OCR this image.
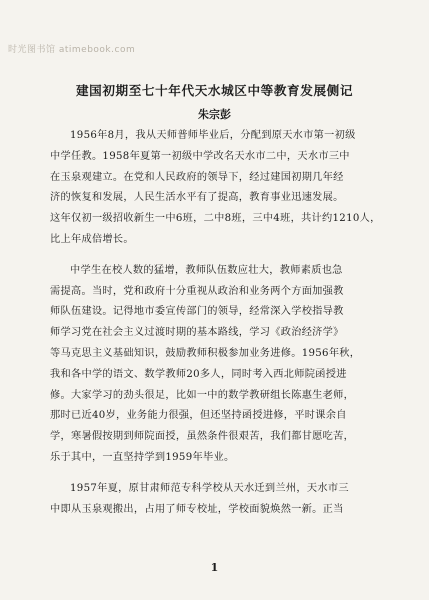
时光图书馆 atimebook.com
建国初期至七十年代天水城区中等教育发展侧记
朱宗彭
1956年8月，我从天师普师毕业后，分配到原天水市第一初级
中学任教。1958年夏第一初级中学改名天水市二中，天水市三中
在玉泉观建立。在党和人民政府的领导下，经过建国初期几年经
济的恢复和发展，人民生活水平有了提高，教育事业迅速发展。
这年仅初一级招收新生一中6班，二中8班，三中4班，共计约1210人，
比上年成倍增长。
中学生在校人数的猛增，教师队伍数应壮大，教师素质也急
需提高。当时，党和政府十分重视从政治和业务两个方面加强教
师队伍建设。记得地市委宣传部门的领导，经常深入学校指导教
师学习党在社会主义过渡时期的基本路线，学习《政治经济学》
等马克思主义基础知识，鼓励教师积极参加业务进修。1956年秋，
我和各中学的语文、数学教师20多人，同时考入西北师院函授进
修。大家学习的劲头很足，比如一中的数学教研组长陈惠生老师，
那时已近40岁，业务能力很强，但还坚持函授进修，平时课余自
学，寒暑假按期到师院面授，虽然条件很艰苦，我们都甘愿吃苦，
乐于其中，一直坚持学到1959年毕业。
1957年夏，原甘肃师范专科学校从天水迁到兰州，天水市三
中即从玉泉观搬出，占用了师专校址，学校面貌焕然一新。正当
1
